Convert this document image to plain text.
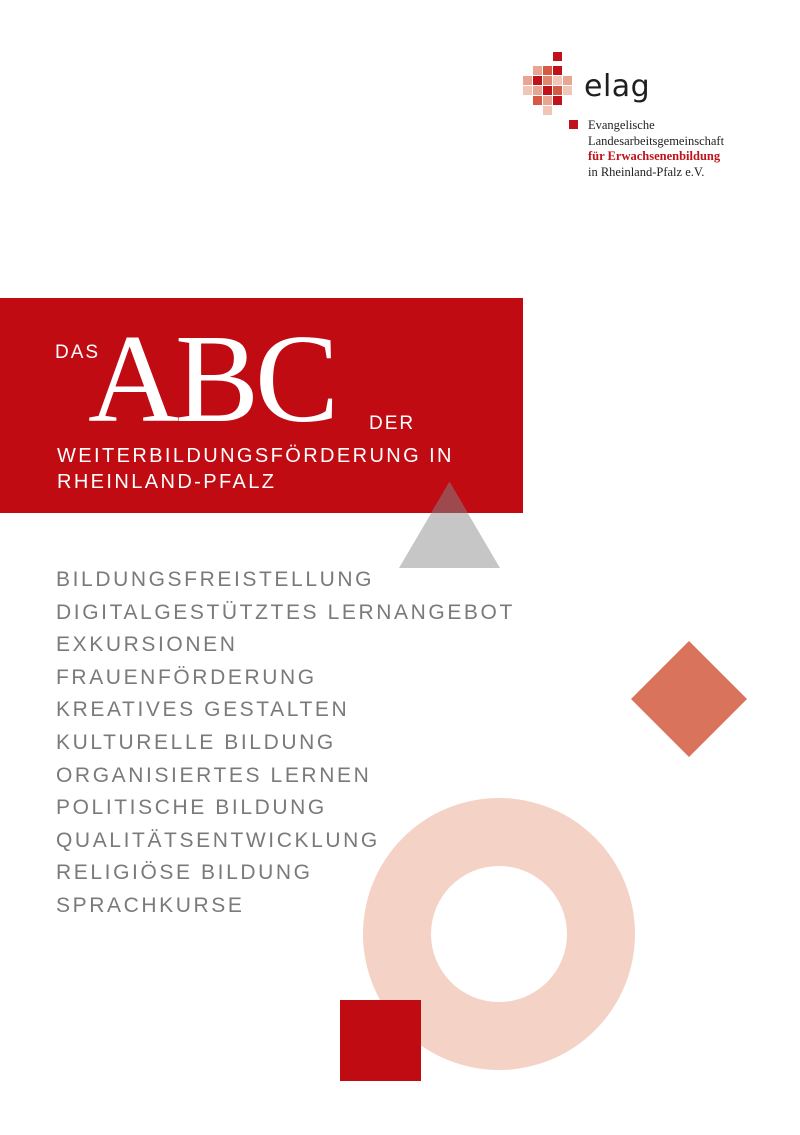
elag
Evangelische
Landesarbeitsgemeinschaft
für Erwachsenenbildung
in Rheinland-Pfalz e.V.
DAS
ABC DER
WEITERBILDUNGSFÖRDERUNG IN
RHEINLAND-PFALZ
BILDUNGSFREISTELLUNG
DIGITALGESTÜTZTES LERNANGEBOT
EXKURSIONEN
FRAUENFÖRDERUNG
KREATIVES GESTALTEN
KULTURELLE BILDUNG
ORGANISIERTES LERNEN
POLITISCHE BILDUNG
QUALITÄTSENTWICKLUNG
RELIGIÖSE BILDUNG
SPRACHKURSE
